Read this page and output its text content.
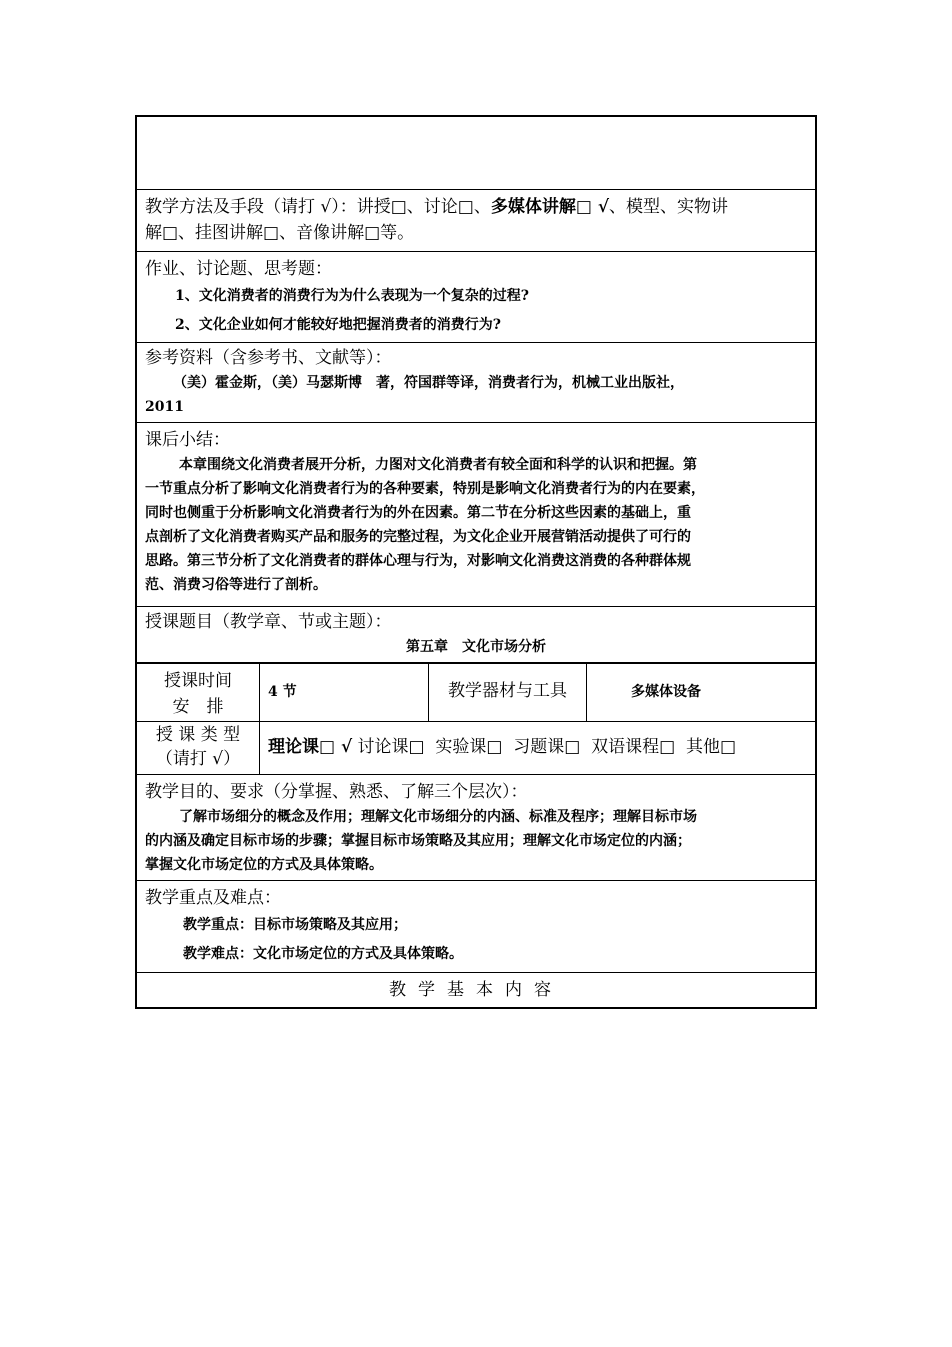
教学方法及手段（请打 √）：讲授□、讨论□、多媒体讲解□ √、模型、实物讲
解□、挂图讲解□、音像讲解□等。
作业、讨论题、思考题：
1、文化消费者的消费行为为什么表现为一个复杂的过程?
2、文化企业如何才能较好地把握消费者的消费行为?
参考资料（含参考书、文献等）：
（美）霍金斯，（美）马瑟斯博　著，符国群等译，消费者行为，机械工业出版社，
2011
课后小结：
本章围绕文化消费者展开分析，力图对文化消费者有较全面和科学的认识和把握。第
一节重点分析了影响文化消费者行为的各种要素，特别是影响文化消费者行为的内在要素，
同时也侧重于分析影响文化消费者行为的外在因素。第二节在分析这些因素的基础上，重
点剖析了文化消费者购买产品和服务的完整过程，为文化企业开展营销活动提供了可行的
思路。第三节分析了文化消费者的群体心理与行为，对影响文化消费这消费的各种群体规
范、消费习俗等进行了剖析。
授课题目（教学章、节或主题）：
第五章　文化市场分析
授课时间
安　排
4 节	教学器材与工具	多媒体设备
授 课 类 型
（请打 √）
理论课□ √ 讨论课□  实验课□  习题课□  双语课程□  其他□
教学目的、要求（分掌握、熟悉、了解三个层次）：
了解市场细分的概念及作用；理解文化市场细分的内涵、标准及程序；理解目标市场
的内涵及确定目标市场的步骤；掌握目标市场策略及其应用；理解文化市场定位的内涵；
掌握文化市场定位的方式及具体策略。
教学重点及难点：
教学重点：目标市场策略及其应用；
教学难点：文化市场定位的方式及具体策略。
教学基本内容
